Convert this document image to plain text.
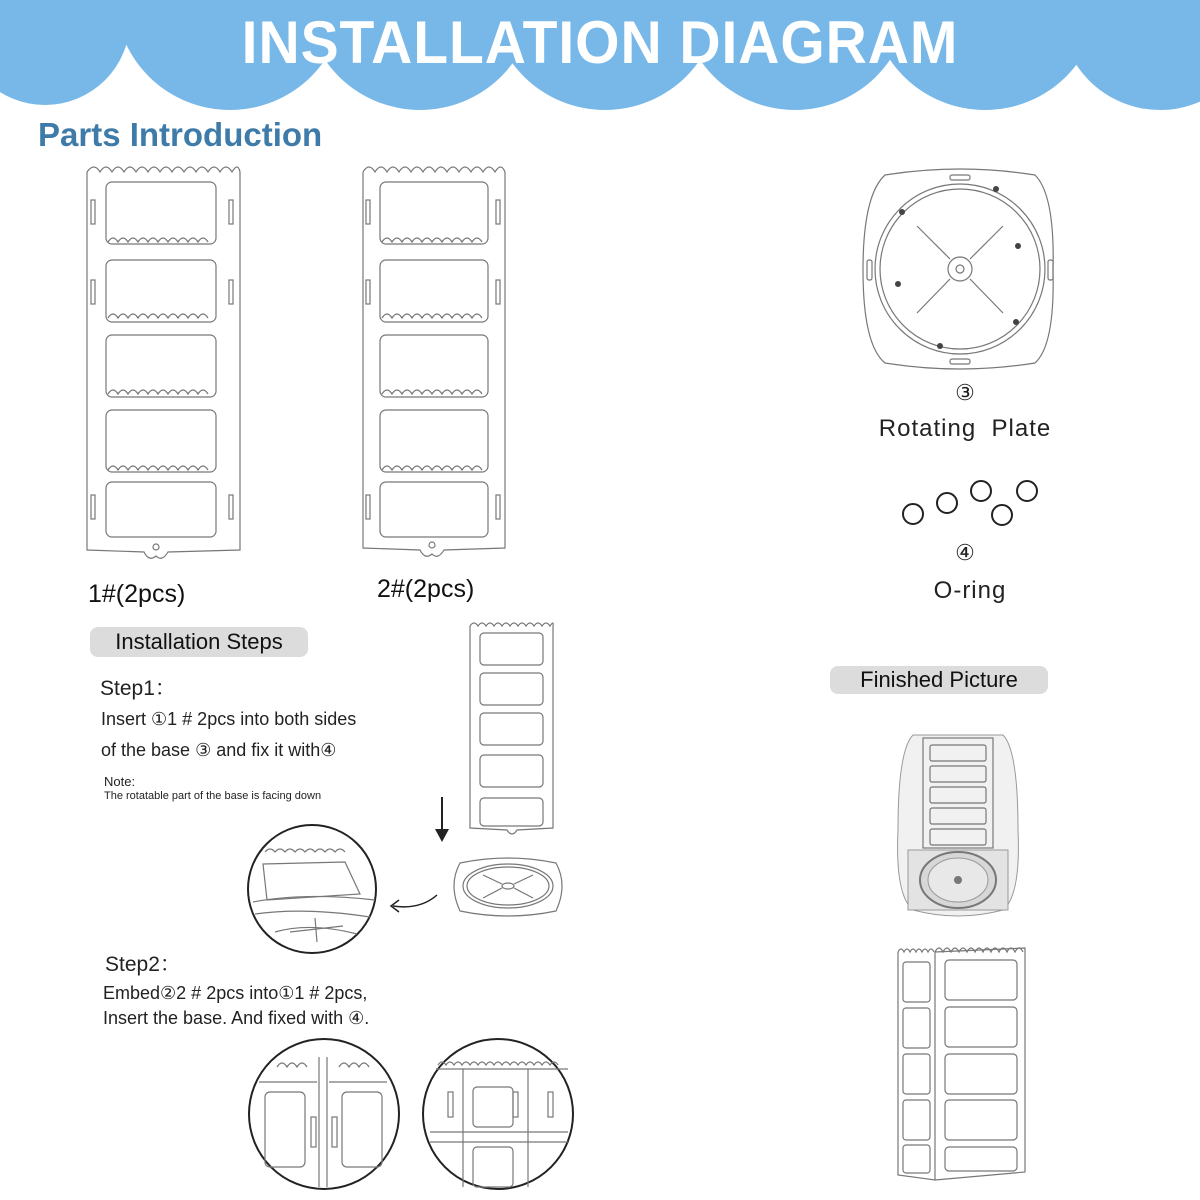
INSTALLATION DIAGRAM
Parts Introduction
1#(2pcs)	2#(2pcs)
③
Rotating  Plate
④
O-ring
Installation Steps
Step1：
Insert ①1 # 2pcs into both sides
of the base ③ and fix it with④
Note:
The rotatable part of the base is facing down
Step2：
Embed②2 # 2pcs into①1 # 2pcs,
Insert the base. And fixed with ④.
Finished Picture
